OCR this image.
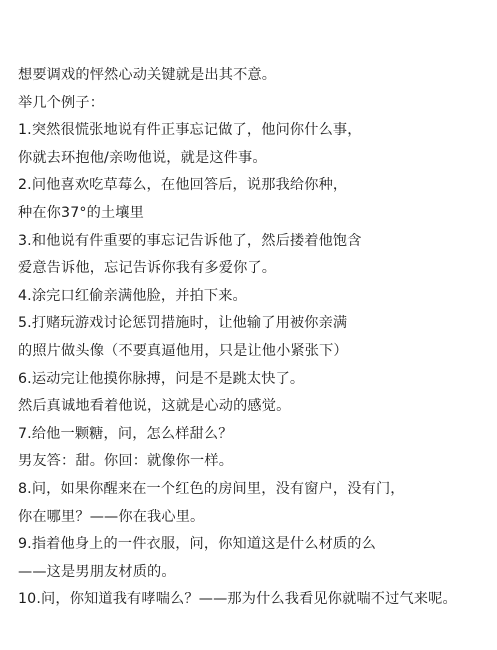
想要调戏的怦然心动关键就是出其不意。
举几个例子：
1.突然很慌张地说有件正事忘记做了，他问你什么事，
你就去环抱他/亲吻他说，就是这件事。
2.问他喜欢吃草莓么，在他回答后，说那我给你种，
种在你37°的土壤里
3.和他说有件重要的事忘记告诉他了，然后搂着他饱含
爱意告诉他，忘记告诉你我有多爱你了。
4.涂完口红偷亲满他脸，并拍下来。
5.打赌玩游戏讨论惩罚措施时，让他输了用被你亲满
的照片做头像（不要真逼他用，只是让他小紧张下）
6.运动完让他摸你脉搏，问是不是跳太快了。
然后真诚地看着他说，这就是心动的感觉。
7.给他一颗糖，问，怎么样甜么？
男友答：甜。你回：就像你一样。
8.问，如果你醒来在一个红色的房间里，没有窗户，没有门，
你在哪里？——你在我心里。
9.指着他身上的一件衣服，问，你知道这是什么材质的么
——这是男朋友材质的。
10.问，你知道我有哮喘么？——那为什么我看见你就喘不过气来呢。
